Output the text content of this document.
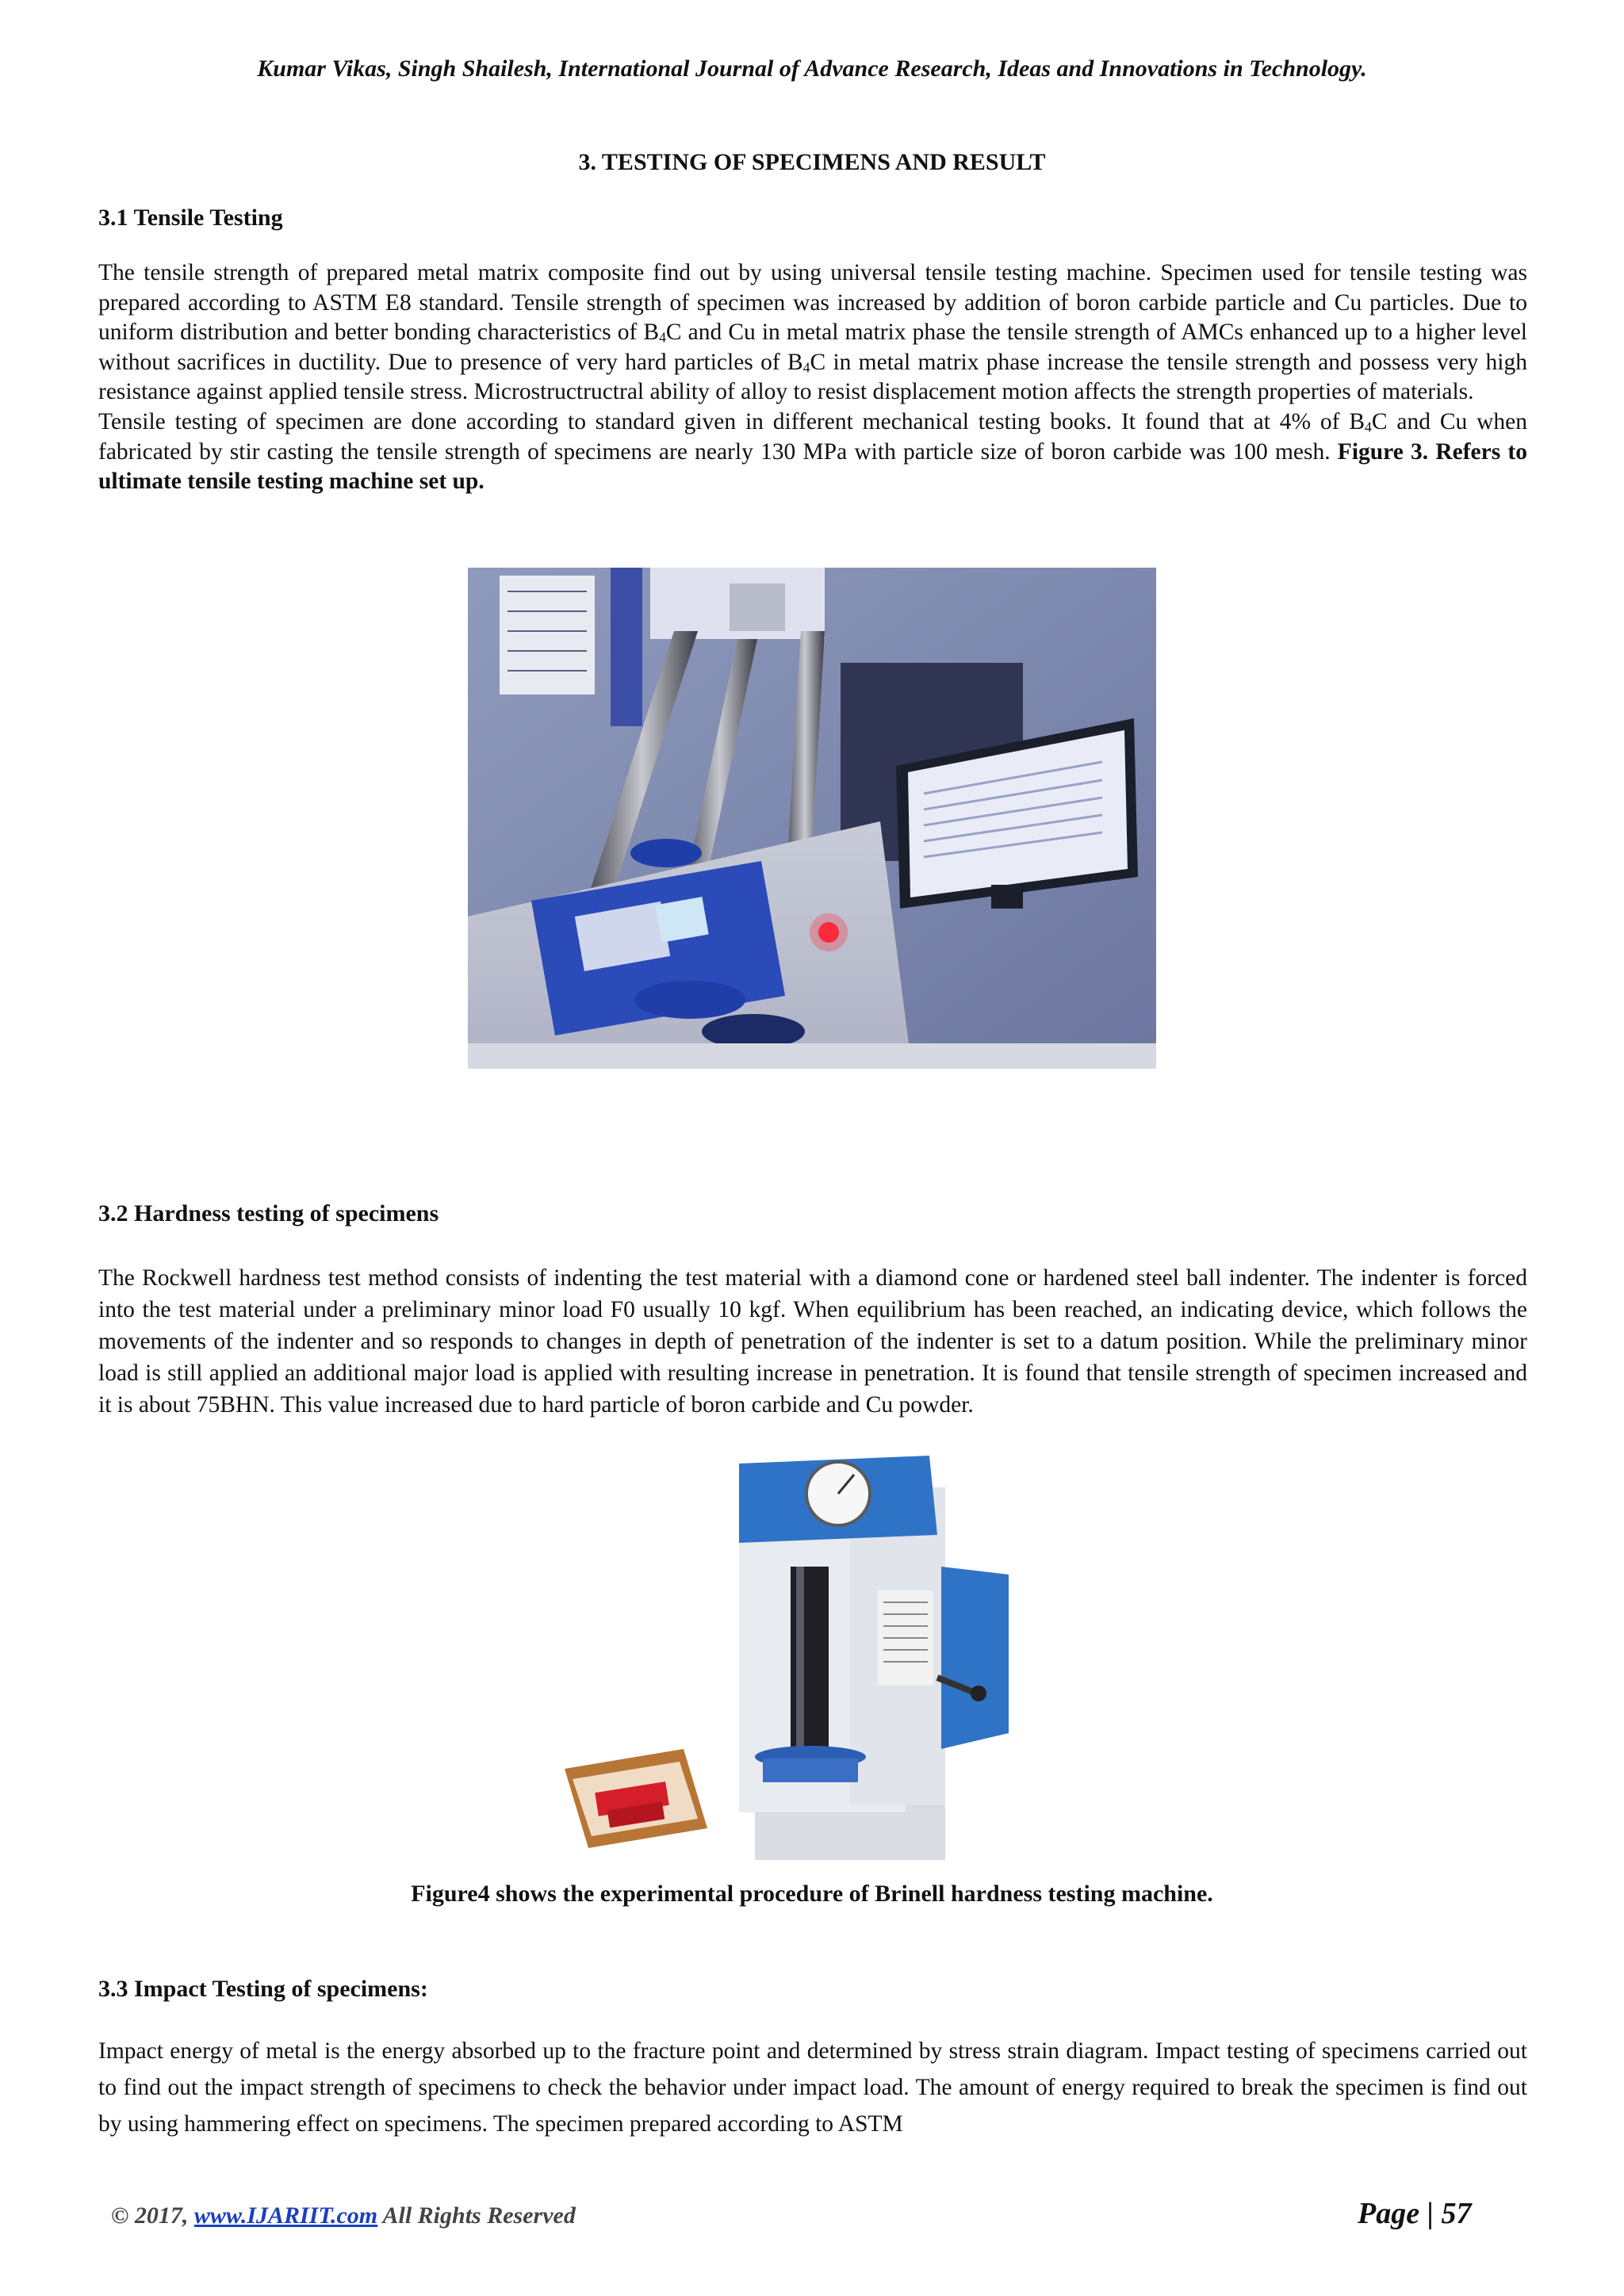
Kumar Vikas, Singh Shailesh, International Journal of Advance Research, Ideas and Innovations in Technology.
3. TESTING OF SPECIMENS AND RESULT
3.1 Tensile Testing

The tensile strength of prepared metal matrix composite find out by using universal tensile testing machine. Specimen used for tensile testing was prepared according to ASTM E8 standard. Tensile strength of specimen was increased by addition of boron carbide particle and Cu particles. Due to uniform distribution and better bonding characteristics of $B_4C$ and Cu in metal matrix phase the tensile strength of AMCs enhanced up to a higher level without sacrifices in ductility. Due to presence of very hard particles of $B_4C$ in metal matrix phase increase the tensile strength and possess very high resistance against applied tensile stress. Microstructructral ability of alloy to resist displacement motion affects the strength properties of materials.

Tensile testing of specimen are done according to standard given in different mechanical testing books. It found that at 4% of $B_4C$ and Cu when fabricated by stir casting the tensile strength of specimens are nearly 130 MPa with particle size of boron carbide was 100 mesh. Figure 3. Refers to ultimate tensile testing machine set up.

3.2 Hardness testing of specimens

The Rockwell hardness test method consists of indenting the test material with a diamond cone or hardened steel ball indenter. The indenter is forced into the test material under a preliminary minor load F0 usually 10 kgf. When equilibrium has been reached, an indicating device, which follows the movements of the indenter and so responds to changes in depth of penetration of the indenter is set to a datum position. While the preliminary minor load is still applied an additional major load is applied with resulting increase in penetration. It is found that tensile strength of specimen increased and it is about 75BHN. This value increased due to hard particle of boron carbide and Cu powder.

Figure4 shows the experimental procedure of Brinell hardness testing machine.
3.3 Impact Testing of specimens:

Impact energy of metal is the energy absorbed up to the fracture point and determined by stress strain diagram. Impact testing of specimens carried out to find out the impact strength of specimens to check the behavior under impact load. The amount of energy required to break the specimen is find out by using hammering effect on specimens. The specimen prepared according to ASTM

© 2017, www.IJARIIT.com All Rights Reserved	Page | 57
